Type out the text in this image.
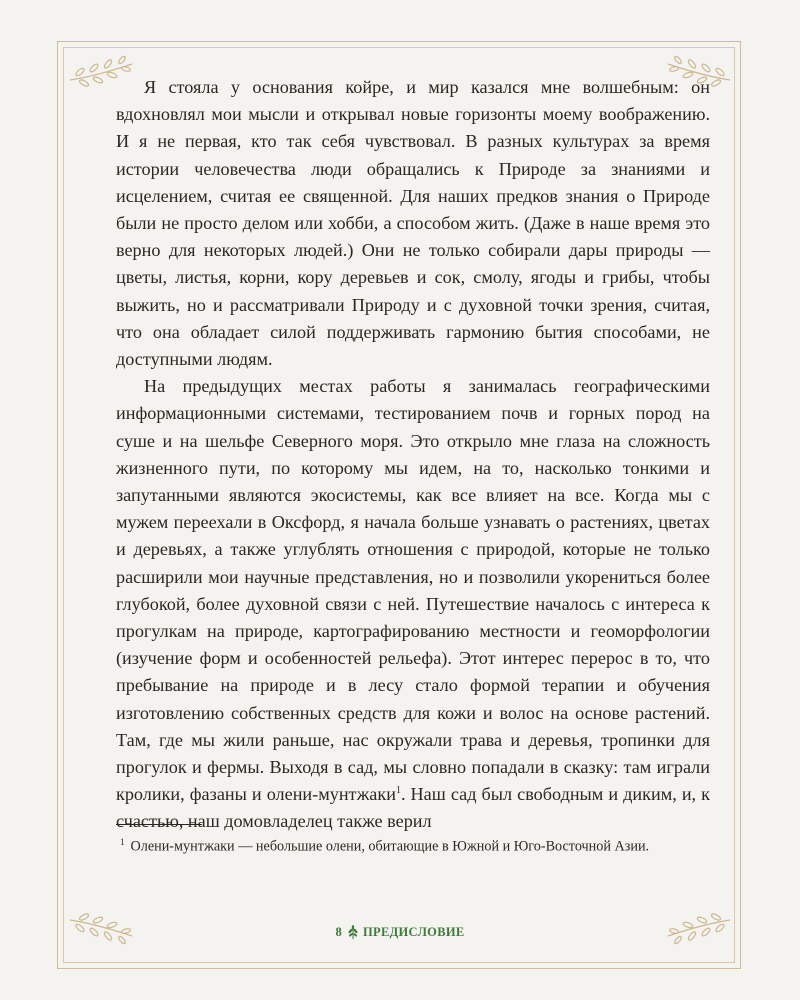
Я стояла у основания койре, и мир казался мне волшебным: он вдохновлял мои мысли и открывал новые горизонты моему воображению. И я не первая, кто так себя чувствовал. В разных культурах за время истории человечества люди обращались к Природе за знаниями и исцелением, считая ее священной. Для наших предков знания о Природе были не просто делом или хобби, а способом жить. (Даже в наше время это верно для некоторых людей.) Они не только собирали дары природы — цветы, листья, корни, кору деревьев и сок, смолу, ягоды и грибы, чтобы выжить, но и рассматривали Природу и с духовной точки зрения, считая, что она обладает силой поддерживать гармонию бытия способами, не доступными людям.

На предыдущих местах работы я занималась географическими информационными системами, тестированием почв и горных пород на суше и на шельфе Северного моря. Это открыло мне глаза на сложность жизненного пути, по которому мы идем, на то, насколько тонкими и запутанными являются экосистемы, как все влияет на все. Когда мы с мужем переехали в Оксфорд, я начала больше узнавать о растениях, цветах и деревьях, а также углублять отношения с природой, которые не только расширили мои научные представления, но и позволили укорениться более глубокой, более духовной связи с ней. Путешествие началось с интереса к прогулкам на природе, картографированию местности и геоморфологии (изучение форм и особенностей рельефа). Этот интерес перерос в то, что пребывание на природе и в лесу стало формой терапии и обучения изготовлению собственных средств для кожи и волос на основе растений. Там, где мы жили раньше, нас окружали трава и деревья, тропинки для прогулок и фермы. Выходя в сад, мы словно попадали в сказку: там играли кролики, фазаны и олени-мунтжаки$^1$. Наш сад был свободным и диким, и, к счастью, наш домовладелец также верил

$^1$ Олени-мунтжаки — небольшие олени, обитающие в Южной и Юго-Восточной Азии.
8 ПРЕДИСЛОВИЕ
